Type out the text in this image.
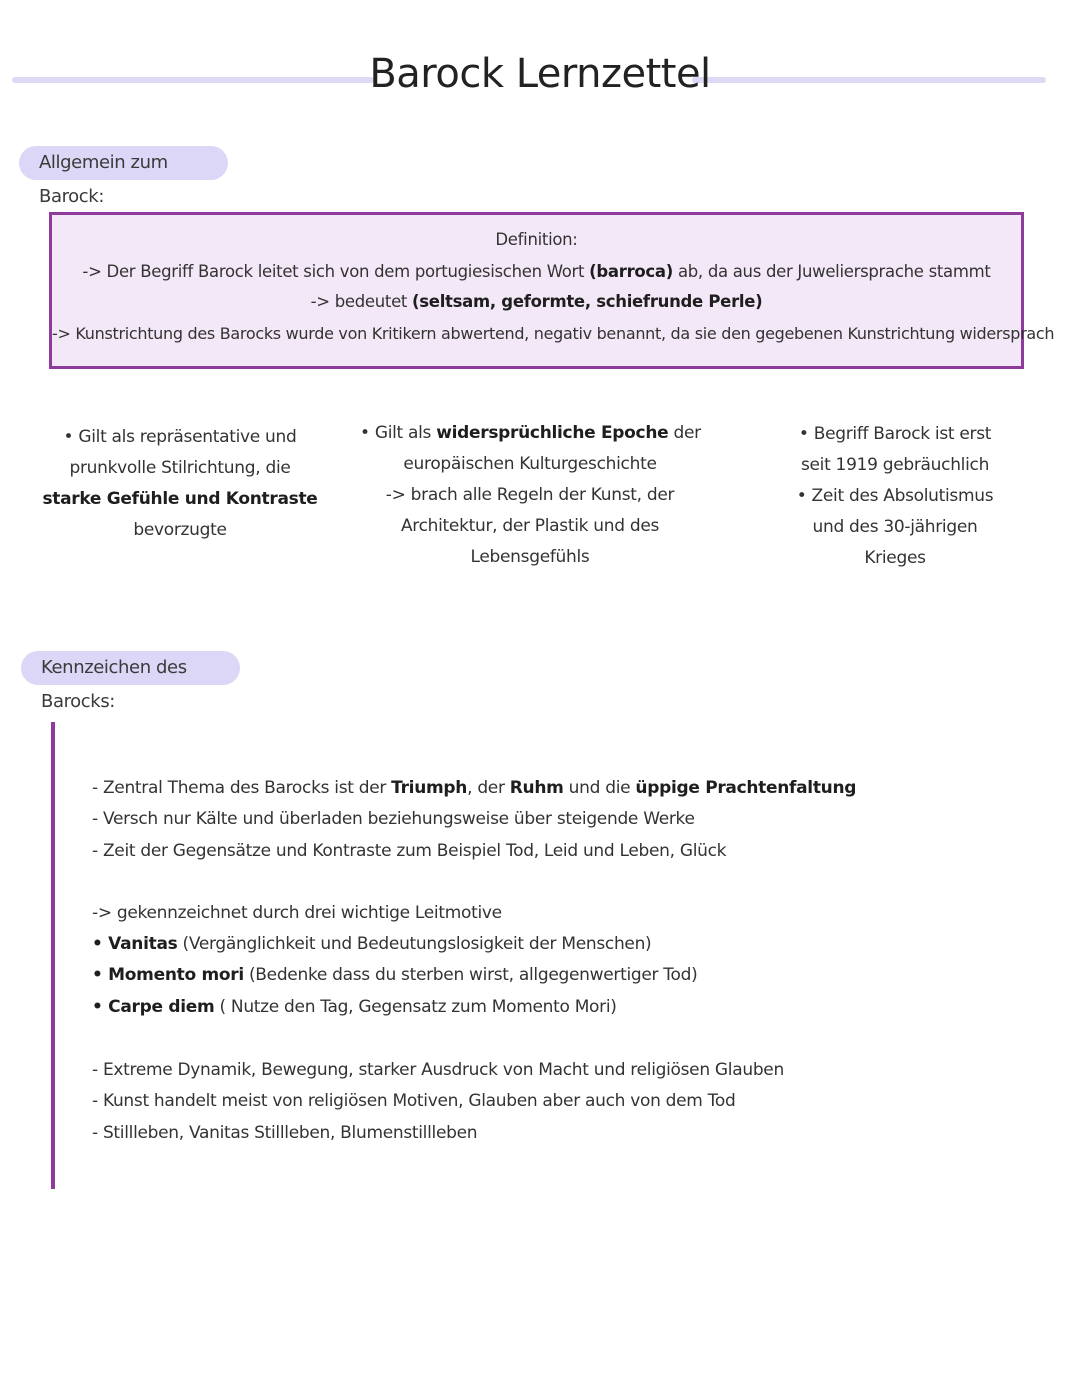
Barock Lernzettel
Allgemein zum Barock:
Definition:
-> Der Begriff Barock leitet sich von dem portugiesischen Wort (barroca) ab, da aus der Juweliersprache stammt
-> bedeutet (seltsam, geformte, schiefrunde Perle)
-> Kunstrichtung des Barocks wurde von Kritikern abwertend, negativ benannt, da sie den gegebenen Kunstrichtung widersprach
• Gilt als repräsentative und
prunkvolle Stilrichtung, die
starke Gefühle und Kontraste
bevorzugte
• Gilt als widersprüchliche Epoche der
europäischen Kulturgeschichte
-> brach alle Regeln der Kunst, der
Architektur, der Plastik und des
Lebensgefühls
• Begriff Barock ist erst
seit 1919 gebräuchlich
• Zeit des Absolutismus
und des 30-jährigen
Krieges
Kennzeichen des Barocks:
- Zentral Thema des Barocks ist der Triumph, der Ruhm und die üppige Prachtenfaltung
- Versch nur Kälte und überladen beziehungsweise über steigende Werke
- Zeit der Gegensätze und Kontraste zum Beispiel Tod, Leid und Leben, Glück
-> gekennzeichnet durch drei wichtige Leitmotive
• Vanitas (Vergänglichkeit und Bedeutungslosigkeit der Menschen)
• Momento mori (Bedenke dass du sterben wirst, allgegenwertiger Tod)
• Carpe diem ( Nutze den Tag, Gegensatz zum Momento Mori)
- Extreme Dynamik, Bewegung, starker Ausdruck von Macht und religiösen Glauben
- Kunst handelt meist von religiösen Motiven, Glauben aber auch von dem Tod
- Stillleben, Vanitas Stillleben, Blumenstillleben
